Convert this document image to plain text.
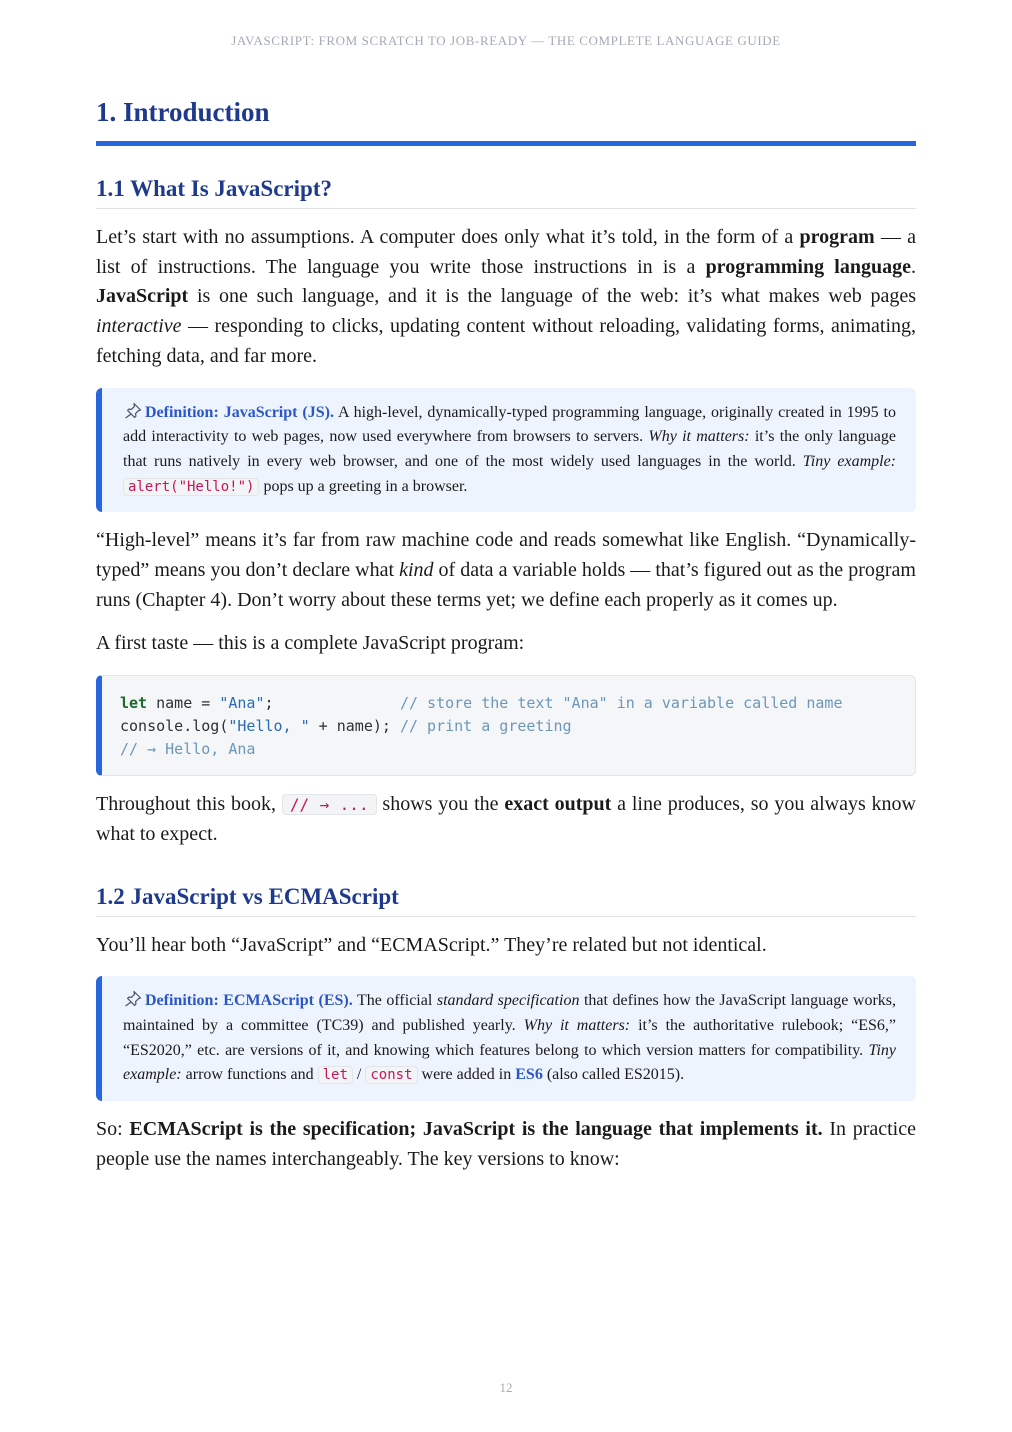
JAVASCRIPT: FROM SCRATCH TO JOB-READY — THE COMPLETE LANGUAGE GUIDE
1. Introduction
1.1 What Is JavaScript?

Let’s start with no assumptions. A computer does only what it’s told, in the form of a program — a list of instructions. The language you write those instructions in is a programming language. JavaScript is one such language, and it is the language of the web: it’s what makes web pages interactive — responding to clicks, updating content without reloading, validating forms, animating, fetching data, and far more.

Definition: JavaScript (JS). A high-level, dynamically-typed programming language, originally created in 1995 to add interactivity to web pages, now used everywhere from browsers to servers. Why it matters: it’s the only language that runs natively in every web browser, and one of the most widely used languages in the world. Tiny example: alert("Hello!") pops up a greeting in a browser.

“High-level” means it’s far from raw machine code and reads somewhat like English. “Dynamically-typed” means you don’t declare what kind of data a variable holds — that’s figured out as the program runs (Chapter 4). Don’t worry about these terms yet; we define each properly as it comes up.

A first taste — this is a complete JavaScript program:

let name = "Ana";              // store the text "Ana" in a variable called name
console.log("Hello, " + name); // print a greeting
// → Hello, Ana

Throughout this book, // → ... shows you the exact output a line produces, so you always know what to expect.

1.2 JavaScript vs ECMAScript

You’ll hear both “JavaScript” and “ECMAScript.” They’re related but not identical.

Definition: ECMAScript (ES). The official standard specification that defines how the JavaScript language works, maintained by a committee (TC39) and published yearly. Why it matters: it’s the authoritative rulebook; “ES6,” “ES2020,” etc. are versions of it, and knowing which features belong to which version matters for compatibility. Tiny example: arrow functions and let / const were added in ES6 (also called ES2015).

So: ECMAScript is the specification; JavaScript is the language that implements it. In practice people use the names interchangeably. The key versions to know:

12
